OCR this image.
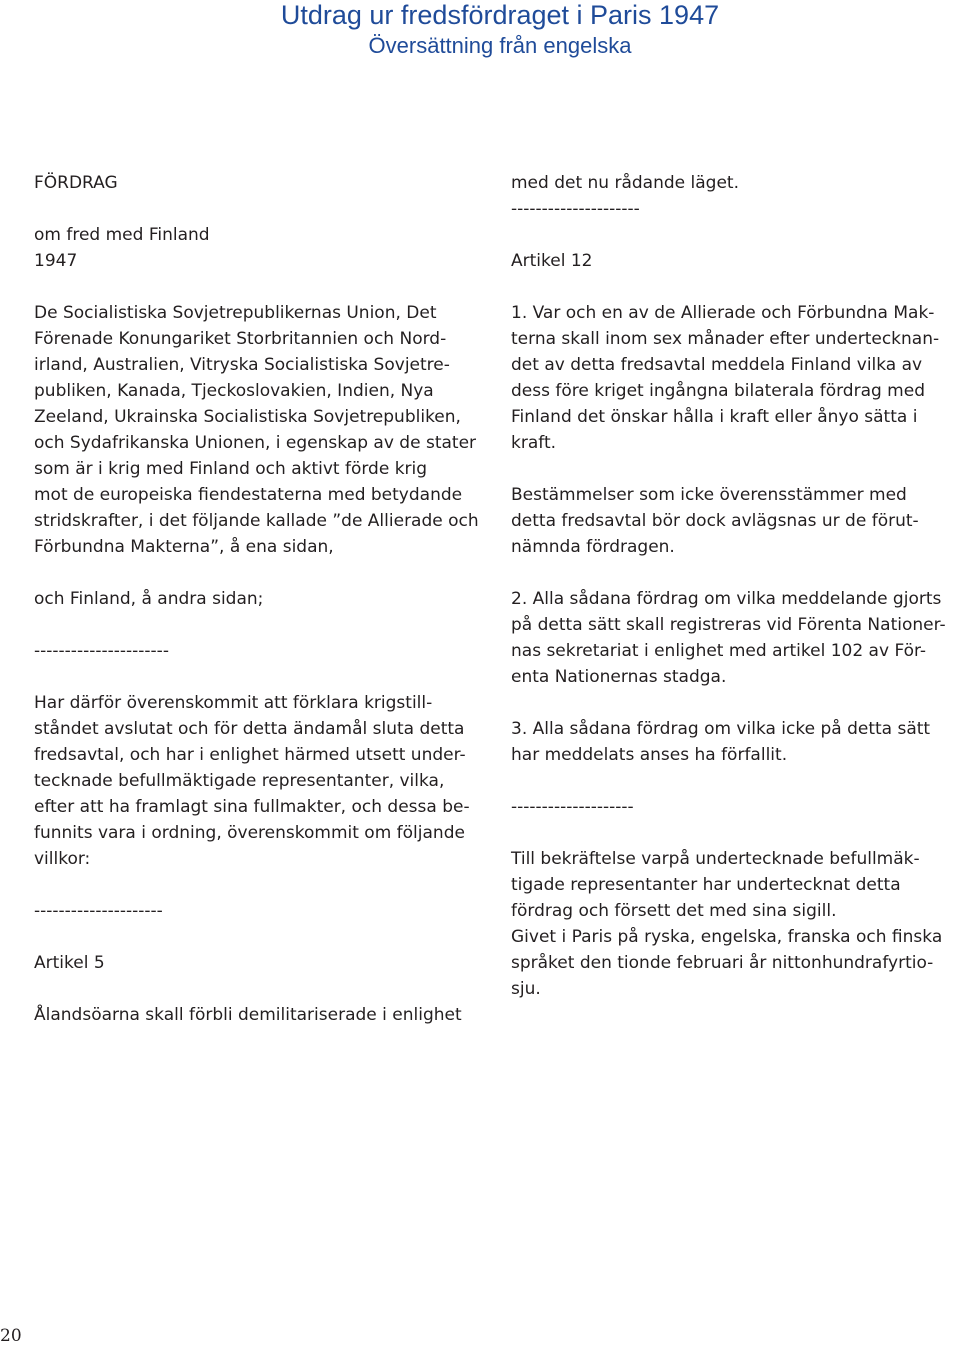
Utdrag ur fredsfördraget i Paris 1947
Översättning från engelska

FÖRDRAG

om fred med Finland

1947

De Socialistiska Sovjetrepublikernas Union, Det

Förenade Konungariket Storbritannien och Nord-

irland, Australien, Vitryska Socialistiska Sovjetre-

publiken, Kanada, Tjeckoslovakien, Indien, Nya

Zeeland, Ukrainska Socialistiska Sovjetrepubliken,

och Sydafrikanska Unionen, i egenskap av de stater

som är i krig med Finland och aktivt förde krig

mot de europeiska fiendestaterna med betydande

stridskrafter, i det följande kallade ”de Allierade och

Förbundna Makterna”, å ena sidan,

och Finland, å andra sidan;

----------------------

Har därför överenskommit att förklara krigstill-

ståndet avslutat och för detta ändamål sluta detta

fredsavtal, och har i enlighet härmed utsett under-

tecknade befullmäktigade representanter, vilka,

efter att ha framlagt sina fullmakter, och dessa be-

funnits vara i ordning, överenskommit om följande

villkor:

---------------------

Artikel 5

Ålandsöarna skall förbli demilitariserade i enlighet

med det nu rådande läget.

---------------------

Artikel 12

1. Var och en av de Allierade och Förbundna Mak-

terna skall inom sex månader efter undertecknan-

det av detta fredsavtal meddela Finland vilka av

dess före kriget ingångna bilaterala fördrag med

Finland det önskar hålla i kraft eller ånyo sätta i

kraft.

Bestämmelser som icke överensstämmer med

detta fredsavtal bör dock avlägsnas ur de förut-

nämnda fördragen.

2. Alla sådana fördrag om vilka meddelande gjorts

på detta sätt skall registreras vid Förenta Nationer-

nas sekretariat i enlighet med artikel 102 av För-

enta Nationernas stadga.

3. Alla sådana fördrag om vilka icke på detta sätt

har meddelats anses ha förfallit.

--------------------

Till bekräftelse varpå undertecknade befullmäk-

tigade representanter har undertecknat detta

fördrag och försett det med sina sigill.

Givet i Paris på ryska, engelska, franska och finska

språket den tionde februari år nittonhundrafyrtio-

sju.

20
